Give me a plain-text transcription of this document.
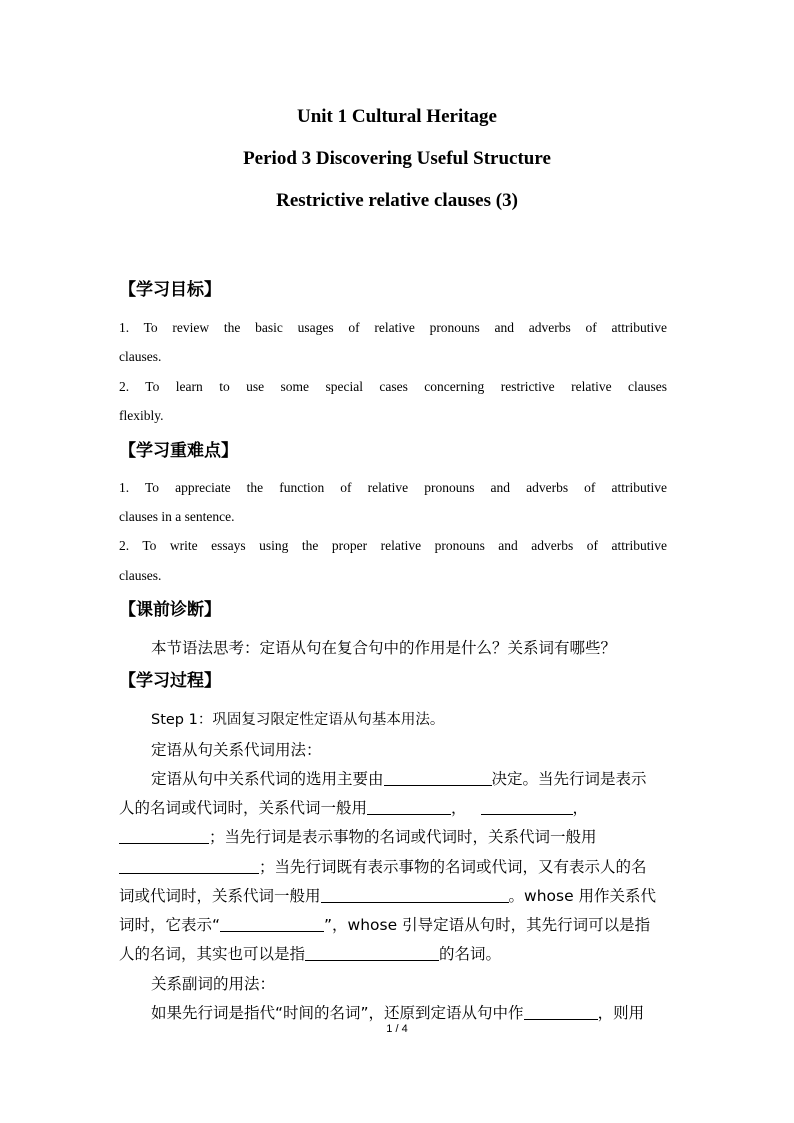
Unit 1 Cultural Heritage
Period 3 Discovering Useful Structure
Restrictive relative clauses (3)
【学习目标】
1. To review the basic usages of relative pronouns and adverbs of attributive
clauses.
2. To learn to use some special cases concerning restrictive relative clauses
flexibly.
【学习重难点】
1. To appreciate the function of relative pronouns and adverbs of attributive
clauses in a sentence.
2. To write essays using the proper relative pronouns and adverbs of attributive
clauses.
【课前诊断】
本节语法思考：定语从句在复合句中的作用是什么？关系词有哪些？
【学习过程】
Step 1：巩固复习限定性定语从句基本用法。
定语从句关系代词用法：
定语从句中关系代词的选用主要由	决定。当先行词是表示
人的名词或代词时，关系代词一般用	，	，
；当先行词是表示事物的名词或代词时，关系代词一般用
；当先行词既有表示事物的名词或代词，又有表示人的名
词或代词时，关系代词一般用	。whose 用作关系代
词时，它表示“	”，whose 引导定语从句时，其先行词可以是指
人的名词，其实也可以是指	的名词。
关系副词的用法：
如果先行词是指代“时间的名词”，还原到定语从句中作	，则用
1 / 4
